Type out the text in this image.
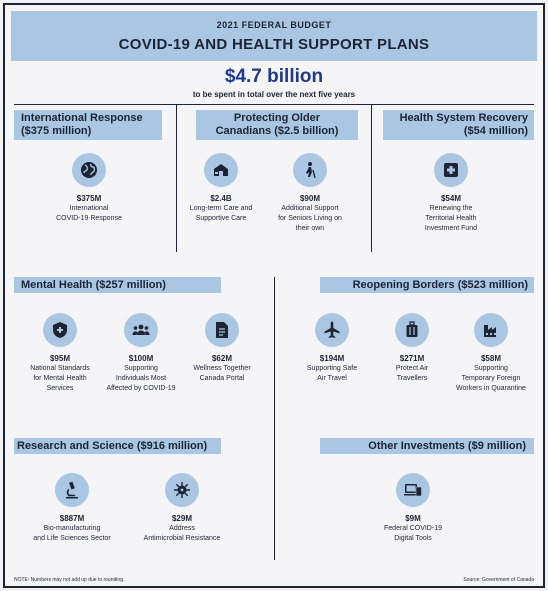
2021 FEDERAL BUDGET
COVID-19 AND HEALTH SUPPORT PLANS
$4.7 billion
to be spent in total over the next five years
International Response
($375 million)
Protecting Older
Canadians ($2.5 billion)
Health System Recovery
($54 million)
Mental Health ($257 million)	Reopening Borders ($523 million)
Research and Science ($916 million)	Other Investments ($9 million)
$375M
International
COVID-19 Response
$2.4B
Long-term Care and
Supportive Care
$90M
Additional Support
for Seniors Living on
their own
$54M
Renewing the
Territorial Health
Investment Fund
$95M
National Standards
for Mental Health
Services
$100M
Supporting
Individuals Most
Affected by COVID-19
$62M
Wellness Together
Canada Portal
$194M
Supporting Safe
Air Travel
$271M
Protect Air
Travellers
$58M
Supporting
Temporary Foreign
Workers in Quarantine
$887M
Bio-manufacturing
and Life Sciences Sector
$29M
Address
Antimicrobial Resistance
$9M
Federal COVID-19
Digital Tools
NOTE: Numbers may not add up due to rounding.	Source: Government of Canada
